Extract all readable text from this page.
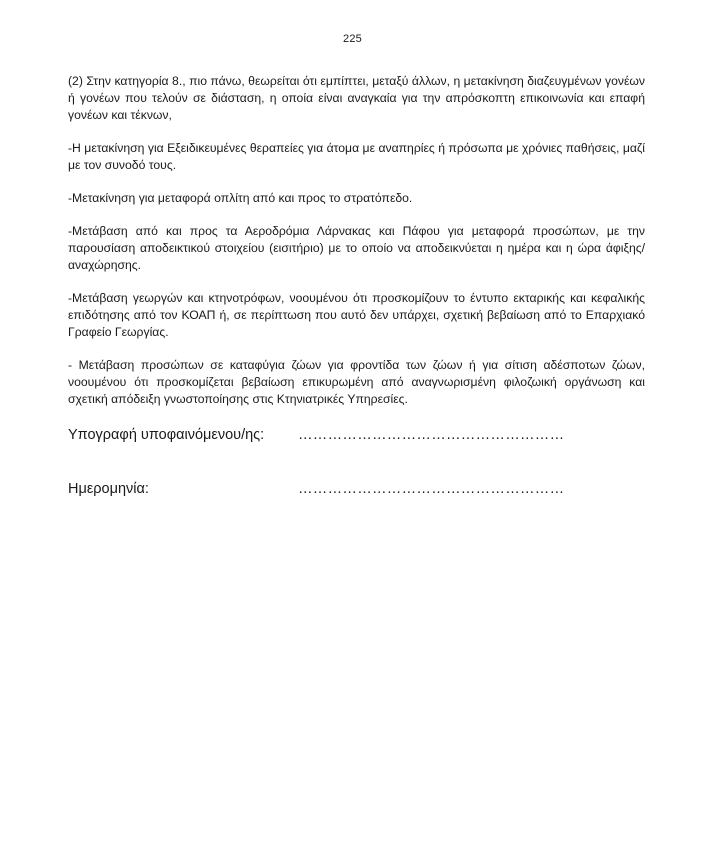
225

(2) Στην κατηγορία 8., πιο πάνω, θεωρείται ότι εμπίπτει, μεταξύ άλλων, η μετακίνηση διαζευγμένων γονέων ή γονέων που τελούν σε διάσταση, η οποία είναι αναγκαία για την απρόσκοπτη επικοινωνία και επαφή γονέων και τέκνων,

-Η μετακίνηση για Εξειδικευμένες θεραπείες για άτομα με αναπηρίες ή πρόσωπα με χρόνιες παθήσεις, μαζί με τον συνοδό τους.

-Μετακίνηση για μεταφορά οπλίτη από και προς το στρατόπεδο.

-Μετάβαση από και προς τα Αεροδρόμια Λάρνακας και Πάφου για μεταφορά προσώπων, με την παρουσίαση αποδεικτικού στοιχείου (εισιτήριο) με το οποίο να αποδεικνύεται η ημέρα και η ώρα άφιξης/αναχώρησης.

-Μετάβαση γεωργών και κτηνοτρόφων, νοουμένου ότι προσκομίζουν το έντυπο εκταρικής και κεφαλικής επιδότησης από τον ΚΟΑΠ ή, σε περίπτωση που αυτό δεν υπάρχει, σχετική βεβαίωση από το Επαρχιακό Γραφείο Γεωργίας.

- Μετάβαση προσώπων σε καταφύγια ζώων για φροντίδα των ζώων ή για σίτιση αδέσποτων ζώων, νοουμένου ότι προσκομίζεται βεβαίωση επικυρωμένη από αναγνωρισμένη φιλοζωική οργάνωση και σχετική απόδειξη γνωστοποίησης στις Κτηνιατρικές Υπηρεσίες.

Υπογραφή υποφαινόμενου/ης: ………………………………………………
Ημερομηνία:	………………………………………………
